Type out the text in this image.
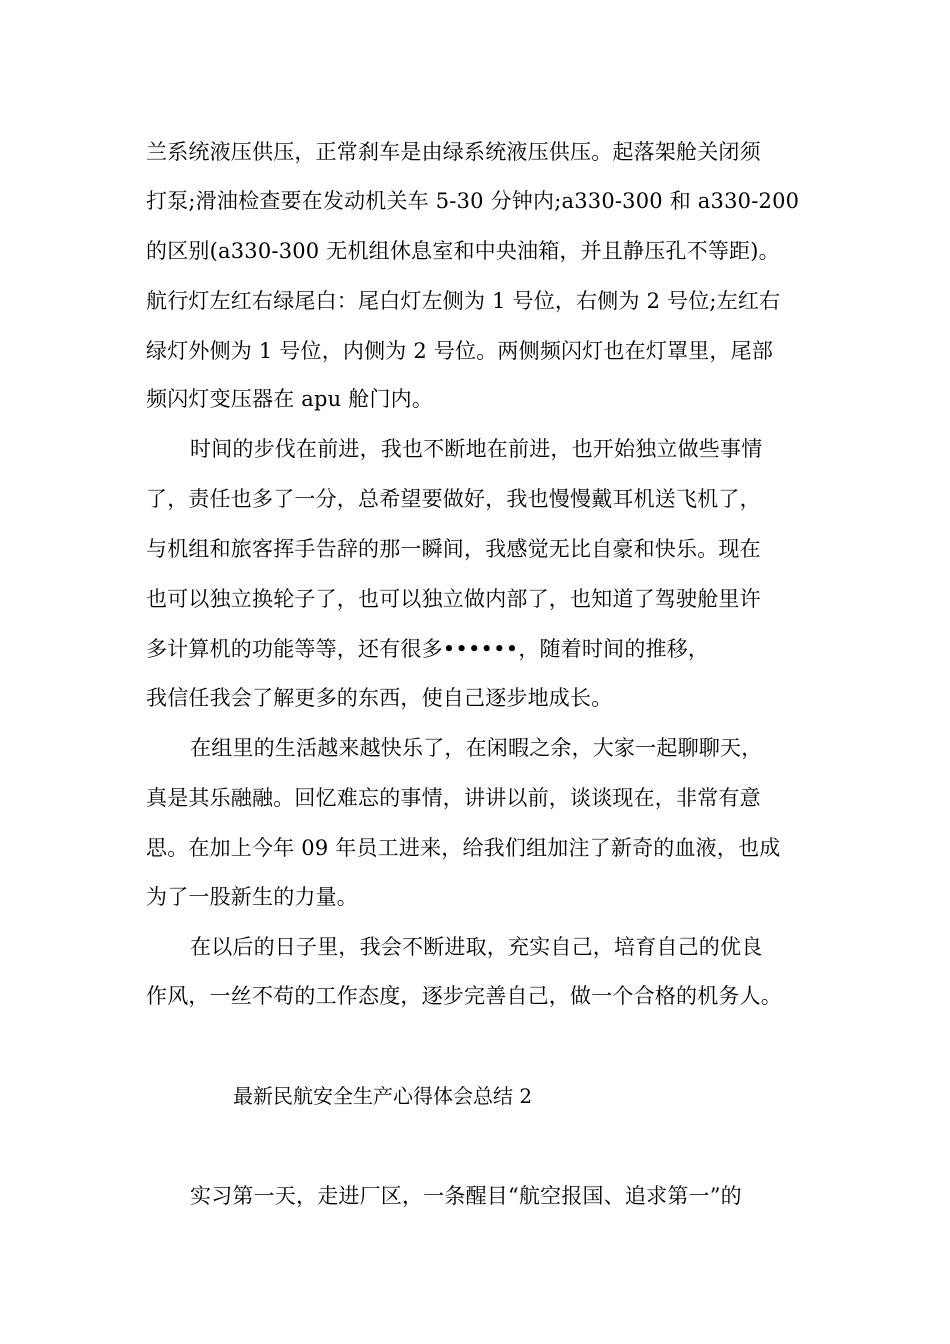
兰系统液压供压，正常刹车是由绿系统液压供压。起落架舱关闭须
打泵;滑油检查要在发动机关车 5-30 分钟内;a330-300 和 a330-200
的区别(a330-300 无机组休息室和中央油箱，并且静压孔不等距)。
航行灯左红右绿尾白：尾白灯左侧为 1 号位，右侧为 2 号位;左红右
绿灯外侧为 1 号位，内侧为 2 号位。两侧频闪灯也在灯罩里，尾部
频闪灯变压器在 apu 舱门内。
时间的步伐在前进，我也不断地在前进，也开始独立做些事情
了，责任也多了一分，总希望要做好，我也慢慢戴耳机送飞机了，
与机组和旅客挥手告辞的那一瞬间，我感觉无比自豪和快乐。现在
也可以独立换轮子了，也可以独立做内部了，也知道了驾驶舱里许
多计算机的功能等等，还有很多••••••，随着时间的推移，
我信任我会了解更多的东西，使自己逐步地成长。
在组里的生活越来越快乐了，在闲暇之余，大家一起聊聊天，
真是其乐融融。回忆难忘的事情，讲讲以前，谈谈现在，非常有意
思。在加上今年 09 年员工进来，给我们组加注了新奇的血液，也成
为了一股新生的力量。
在以后的日子里，我会不断进取，充实自己，培育自己的优良
作风，一丝不苟的工作态度，逐步完善自己，做一个合格的机务人。
最新民航安全生产心得体会总结 2
实习第一天，走进厂区，一条醒目“航空报国、追求第一”的
